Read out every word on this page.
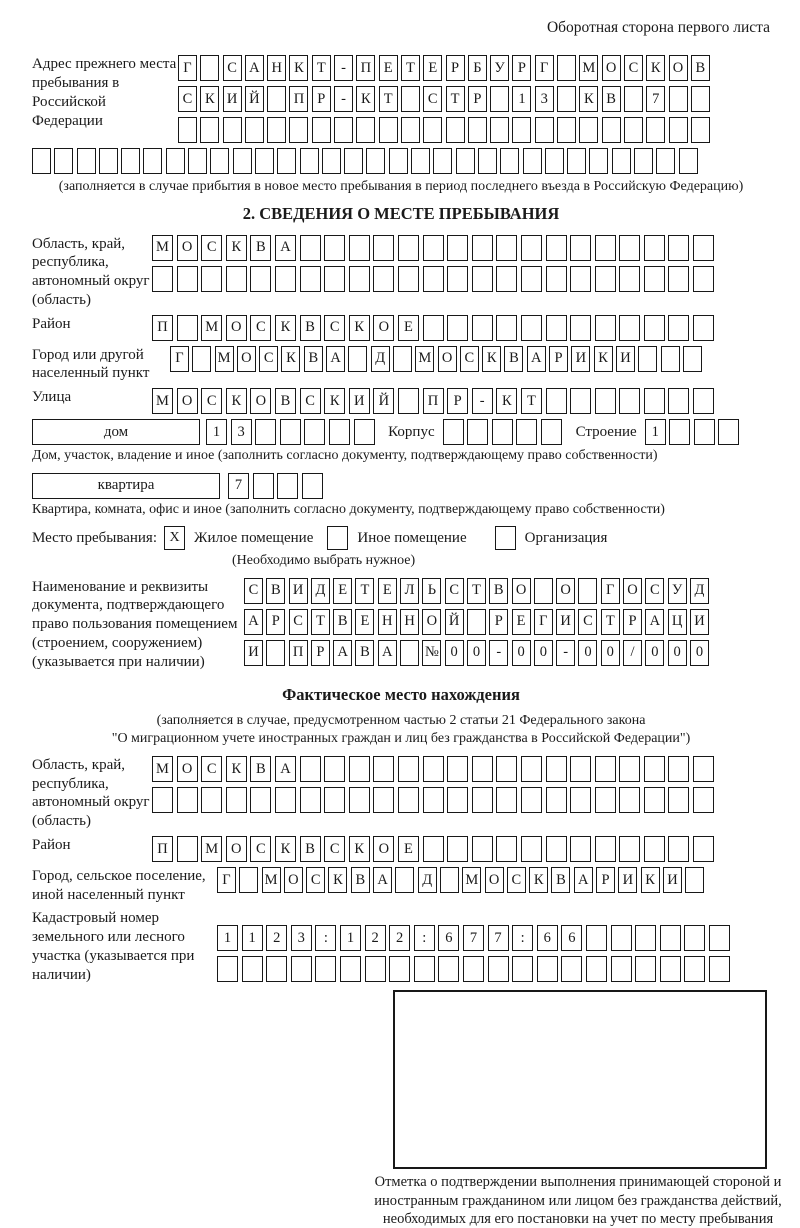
Оборотная сторона первого листа
Адрес прежнего места пребывания в Российской Федерации
Г	С А Н К Т	-	П Е Т Е Р Б У Р Г	М О С К О В
С К И Й П Р	-	К Т	С Т Р	1	3	К В	7
(заполняется в случае прибытия в новое место пребывания в период последнего въезда в Российскую Федерацию)
2. СВЕДЕНИЯ О МЕСТЕ ПРЕБЫВАНИЯ
Область, край, республика, автономный округ (область)
М О	С	К	В	А
Район	П	М О	С	К	В	С	К	О	Е
Город или другой населенный пункт
Г	М О С К В А	Д	М О С К В А Р И К И
Улица	М О	С	К	О	В	С	К	И Й	П	Р	-	К	Т
дом	1	3	Корпус	Строение	1
Дом, участок, владение и иное (заполнить согласно документу, подтверждающему право собственности)
квартира	7
Квартира, комната, офис и иное (заполнить согласно документу, подтверждающему право собственности)
Место пребывания: X Жилое помещение	Иное помещение	Организация
(Необходимо выбрать нужное)
Наименование и реквизиты документа, подтверждающего право пользования помещением (строением, сооружением) (указывается при наличии)
С В И Д Е Т Е Л Ь С Т В О О	Г О С У Д
А Р С Т В Е Н Н О Й	Р Е Г И С Т Р А Ц И
И П Р А В А № 0	0	-	0	0	-	0	0	/	0	0	0
Фактическое место нахождения
(заполняется в случае, предусмотренном частью 2 статьи 21 Федерального закона
"О миграционном учете иностранных граждан и лиц без гражданства в Российской Федерации")
Область, край, республика, автономный округ (область)
М О	С	К	В	А
Район	П	М О	С	К	В	С	К	О	Е
Город, сельское поселение, иной населенный пункт
Г	М О С К В А	Д	М О С К В А Р И К И
Кадастровый номер земельного или лесного участка (указывается при наличии)
1	1	2	3	:	1	2	2	:	6	7	7	:	6	6
Отметка о подтверждении выполнения принимающей стороной и иностранным гражданином или лицом без гражданства действий, необходимых для его постановки на учет по месту пребывания
